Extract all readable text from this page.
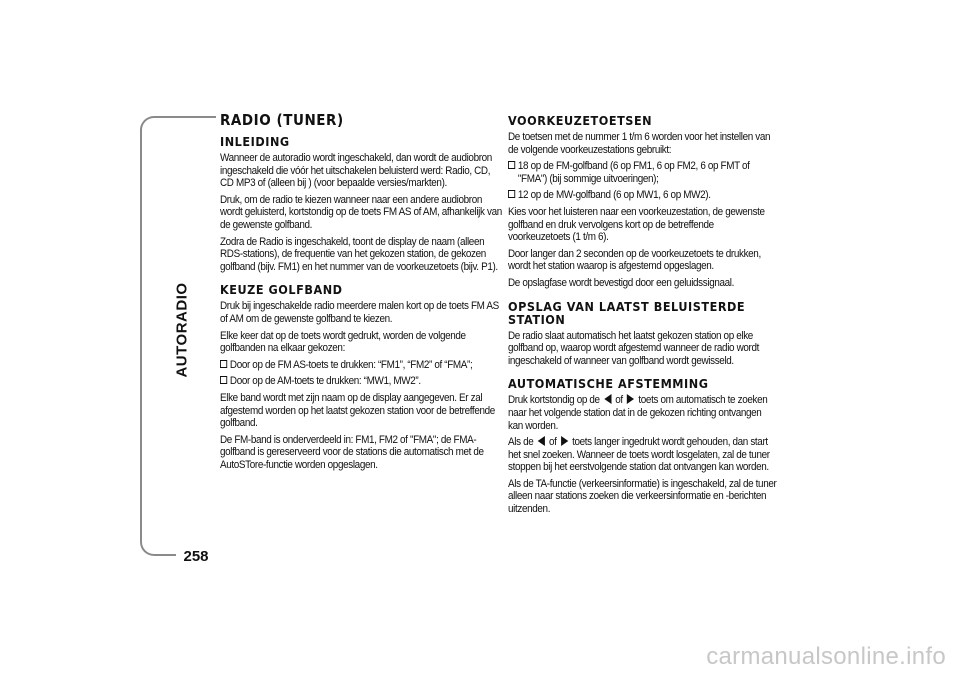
AUTORADIO
258
RADIO (TUNER)
INLEIDING

Wanneer de autoradio wordt ingeschakeld, dan wordt de audiobron ingeschakeld die vóór het uitschakelen beluisterd werd: Radio, CD, CD MP3 of (alleen bij ) (voor bepaalde versies/markten).

Druk, om de radio te kiezen wanneer naar een andere audiobron wordt geluisterd, kortstondig op de toets FM AS of AM, afhankelijk van de gewenste golfband.

Zodra de Radio is ingeschakeld, toont de display de naam (alleen RDS-stations), de frequentie van het gekozen station, de gekozen golfband (bijv. FM1) en het nummer van de voorkeuzetoets (bijv. P1).

KEUZE GOLFBAND

Druk bij ingeschakelde radio meerdere malen kort op de toets FM AS of AM om de gewenste golfband te kiezen.

Elke keer dat op de toets wordt gedrukt, worden de volgende golfbanden na elkaar gekozen:

Door op de FM AS-toets te drukken: “FM1”, “FM2” of “FMA”;
Door op de AM-toets te drukken: “MW1, MW2”.

Elke band wordt met zijn naam op de display aangegeven. Er zal afgestemd worden op het laatst gekozen station voor de betreffende golfband.

De FM-band is onderverdeeld in: FM1, FM2 of "FMA"; de FMA-golfband is gereserveerd voor de stations die automatisch met de AutoSTore-functie worden opgeslagen.

VOORKEUZETOETSEN

De toetsen met de nummer 1 t/m 6 worden voor het instellen van de volgende voorkeuzestations gebruikt:

18 op de FM-golfband (6 op FM1, 6 op FM2, 6 op FMT of "FMA") (bij sommige uitvoeringen);
12 op de MW-golfband (6 op MW1, 6 op MW2).

Kies voor het luisteren naar een voorkeuzestation, de gewenste golfband en druk vervolgens kort op de betreffende voorkeuzetoets (1 t/m 6).

Door langer dan 2 seconden op de voorkeuzetoets te drukken, wordt het station waarop is afgestemd opgeslagen.

De opslagfase wordt bevestigd door een geluidssignaal.

OPSLAG VAN LAATST BELUISTERDE STATION

De radio slaat automatisch het laatst gekozen station op elke golfband op, waarop wordt afgestemd wanneer de radio wordt ingeschakeld of wanneer van golfband wordt gewisseld.

AUTOMATISCHE AFSTEMMING

Druk kortstondig op de  of  toets om automatisch te zoeken naar het volgende station dat in de gekozen richting ontvangen kan worden.

Als de  of  toets langer ingedrukt wordt gehouden, dan start het snel zoeken. Wanneer de toets wordt losgelaten, zal de tuner stoppen bij het eerstvolgende station dat ontvangen kan worden.

Als de TA-functie (verkeersinformatie) is ingeschakeld, zal de tuner alleen naar stations zoeken die verkeersinformatie en -berichten uitzenden.

carmanualsonline.info
